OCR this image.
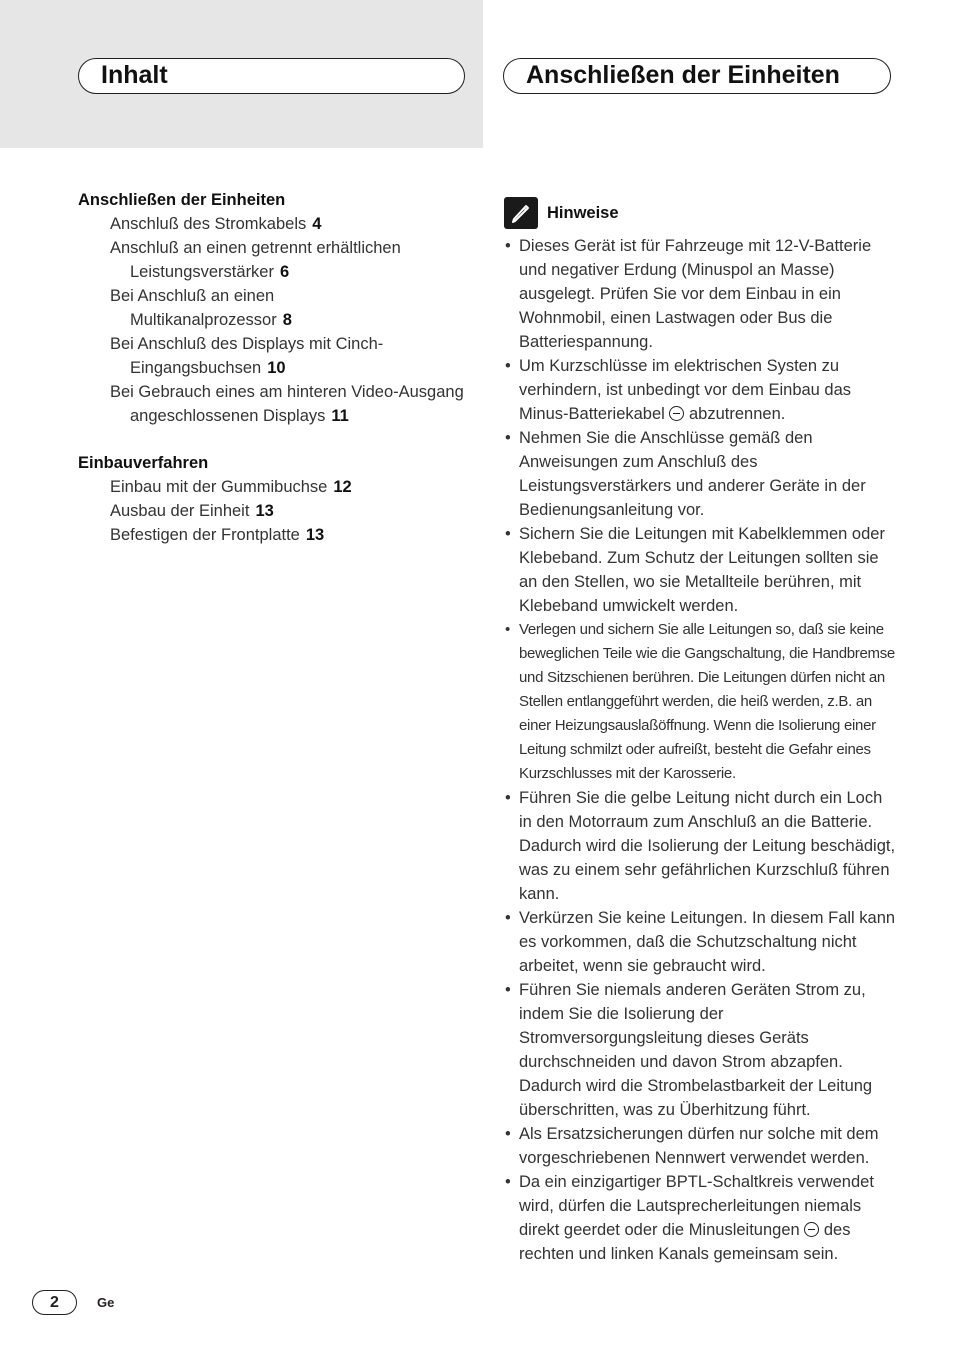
Inhalt	Anschließen der Einheiten
Anschließen der Einheiten
Anschluß des Stromkabels 4
Anschluß an einen getrennt erhältlichen Leistungsverstärker 6
Bei Anschluß an einen Multikanalprozessor 8
Bei Anschluß des Displays mit Cinch-Eingangsbuchsen 10
Bei Gebrauch eines am hinteren Video-Ausgang angeschlossenen Displays 11
Einbauverfahren
Einbau mit der Gummibuchse 12
Ausbau der Einheit 13
Befestigen der Frontplatte 13
Hinweise
• Dieses Gerät ist für Fahrzeuge mit 12-V-Batterie und negativer Erdung (Minuspol an Masse) ausgelegt. Prüfen Sie vor dem Einbau in ein Wohnmobil, einen Lastwagen oder Bus die Batteriespannung.
• Um Kurzschlüsse im elektrischen Systen zu verhindern, ist unbedingt vor dem Einbau das Minus-Batteriekabel  abzutrennen.
• Nehmen Sie die Anschlüsse gemäß den Anweisungen zum Anschluß des Leistungsverstärkers und anderer Geräte in der Bedienungsanleitung vor.
• Sichern Sie die Leitungen mit Kabelklemmen oder Klebeband. Zum Schutz der Leitungen sollten sie an den Stellen, wo sie Metallteile berühren, mit Klebeband umwickelt werden.
• Verlegen und sichern Sie alle Leitungen so, daß sie keine beweglichen Teile wie die Gangschaltung, die Handbremse und Sitzschienen berühren. Die Leitungen dürfen nicht an Stellen entlanggeführt werden, die heiß werden, z.B. an einer Heizungsauslaßöffnung. Wenn die Isolierung einer Leitung schmilzt oder aufreißt, besteht die Gefahr eines Kurzschlusses mit der Karosserie.
• Führen Sie die gelbe Leitung nicht durch ein Loch in den Motorraum zum Anschluß an die Batterie. Dadurch wird die Isolierung der Leitung beschädigt, was zu einem sehr gefährlichen Kurzschluß führen kann.
• Verkürzen Sie keine Leitungen. In diesem Fall kann es vorkommen, daß die Schutzschaltung nicht arbeitet, wenn sie gebraucht wird.
• Führen Sie niemals anderen Geräten Strom zu, indem Sie die Isolierung der Stromversorgungsleitung dieses Geräts durchschneiden und davon Strom abzapfen. Dadurch wird die Strombelastbarkeit der Leitung überschritten, was zu Überhitzung führt.
• Als Ersatzsicherungen dürfen nur solche mit dem vorgeschriebenen Nennwert verwendet werden.
• Da ein einzigartiger BPTL-Schaltkreis verwendet wird, dürfen die Lautsprecherleitungen niemals direkt geerdet oder die Minusleitungen  des rechten und linken Kanals gemeinsam sein.
2	Ge
